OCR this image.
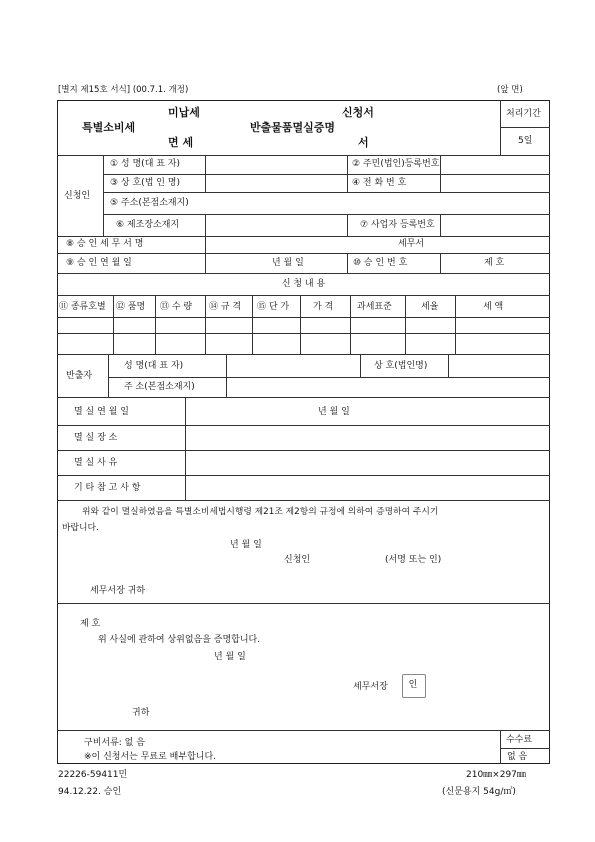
[별지 제15호 서식] (00.7.1. 개정)	(앞 면)
미납세
특별소비세
면 세
반출물품멸실증명
신청서
서
처리기간
5일
신청인
① 성 명(대 표 자)	② 주민(법인)등록번호
③ 상 호(법 인 명)	④ 전 화 번 호
⑤ 주소(본점소재지)
⑥ 제조장소재지	⑦ 사업자 등록번호
⑧ 승 인 세 무 서 명	세무서
⑨ 승 인 연 월 일	년 월 일	⑩ 승 인 번 호	제 호
신 청 내 용
⑪ 종류호별 ⑫ 품명 ⑬ 수 량 ⑭ 규 격 ⑮ 단 가	가 격	과세표준	세율	세 액
반출자
성 명(대 표 자)	상 호(법인명)
주 소(본점소재지)
멸 실 연 월 일	년 월 일
멸 실 장 소
멸 실 사 유
기 타 참 고 사 항
위와 같이 멸실하였음을 특별소비세법시행령 제21조 제2항의 규정에 의하여 증명하여 주시기
바랍니다.
년 월 일
신청인	(서명 또는 인)
세무서장 귀하
제 호
위 사실에 관하여 상위없음을 증명합니다.
년 월 일
세무서장	인
귀하
구비서류: 없 음
※이 신청서는 무료로 배부합니다.
수수료
없 음
22226-59411민
94.12.22. 승인
210㎜×297㎜
(신문용지 54g/㎡)
